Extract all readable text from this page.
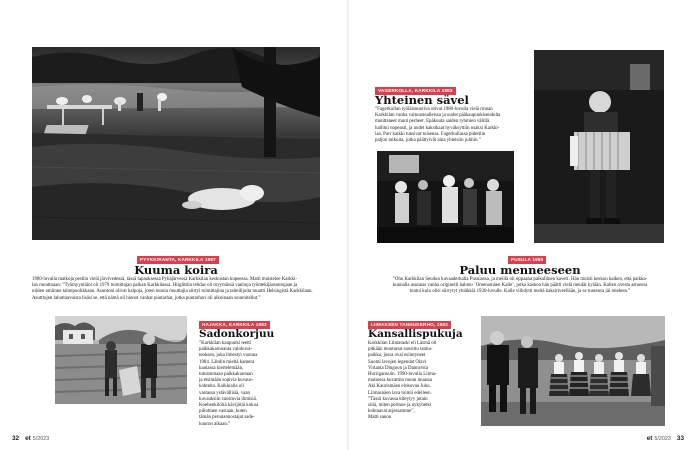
PYYKKIRANTA, KARKKILA 1987
Kuuma koira
1980-luvulla matkoja pestiin vielä järvivedessä, tässä tapauksessa Pyhäjärvessä Karkkilan keskustan kupeessa. Matti muistelee Karkki-
lan muuttoaan: ”Työmyyntiäni oli 1979 toimittajan paikan Karkkilassa. Hiiglittiin tehdas oli myymässä vanhoja työntekijäasuntojaan ja
niiden omiinne talonpuolikkaan. Asuntoni olivat halpoja, joten monia muuttajia siirtyi toimittajina ja taiteilijoita muutti Helsingistä Karkkilaan.
Asutttujen lahuttaavuista lisäsi se, että nämä oli hienot vanhat puutarhat, jotka puutarhuri oli aikoinaan suunnitellut.”
HAJAKKA, KARKKILA 1983
Sadonkorjuu
”Karkkilan kaupunki teetti
palkkakarnoanta valokuva-
teoksen, joka ilmestyi vuonna
1984. Lähdin mieltä kamera
kaulassa kiertelemään,
tutustumaan paikkakuntaan
ja etsimään sopivia kuvaus-
kohteita. Kaikkialla oli
vastassa ystävällisiä, vaan
kuvauksiin suostuvia ihmisiä.
Koehenkilöitä kävijöitä kokoa
piilottaen vastaan, kuten
tämän perunannostajat sade-
kuuron aikaan.”
32 et 5/2023
VAGERKOLLA, KARKKILA 1983
Yhteinen sävel
”Fagerkullan työläisnuoriva olivat 1980-luvulla vielä rinnan
Karkkilan vanha valtuustoalleissa ja uudet pääkaupunkiseudulta
muuttaneet muut perheet. Epäkuuta saiden ryhmien välillä
hallitui nopeasti, ja uudet kaksikaat hyväksyttiin osaksi Karkki-
laa. Parr kaikki tunsivat toisensa. Fagerkullassa pidettiin
paljon tulkoita, jotka päättyivät aina yhteisiin juhliin.”
PUSULA 1985
Paluu menneeseen
”Ohn Karkkilan Seudun kuvaaderkalla Pusulassa, ja meillä oli oppaana paikallinen kaveri. Hän muisti keskon kaiken, että paikka-
kunnalla asunnas vanha originelli hahmo ’Omenamäen Kalle’, jotka kaskoa hän päätti vielä meidät kylään. Kallen ovesta astuessa
tuntui kuin olisi siirrytyt yhtäkkiä 1930-luvulle. Kalle viihdytti meitä kaksiriveellään, ja se tuntensa jäi mieleen.”
LIIMAKSEN TANHUKERHO, 1983
Kansallispukuja
Karkkilan Liimataski eli Läsmä oli
pitkään muotunut suosittu tanhu-
paikka, jossa oval esiintyneet
Suomi lavojen legendat Olavi
Virtanta Dingoon ja Dannytsta
Hurriganssiin. 1990-luvulla Liima-
maisessa kuvattiin muun muassa
Aki Kaurismäen elokuvaa Juho.
Liimasnäen lava toimii edelleen.
”Tässä kuvassa kiteytyy jotain
siitä, miten perinne ja nykyhetki
kohtaavat arjessamme”,
Matti sanoo.
et 5/2023 33
